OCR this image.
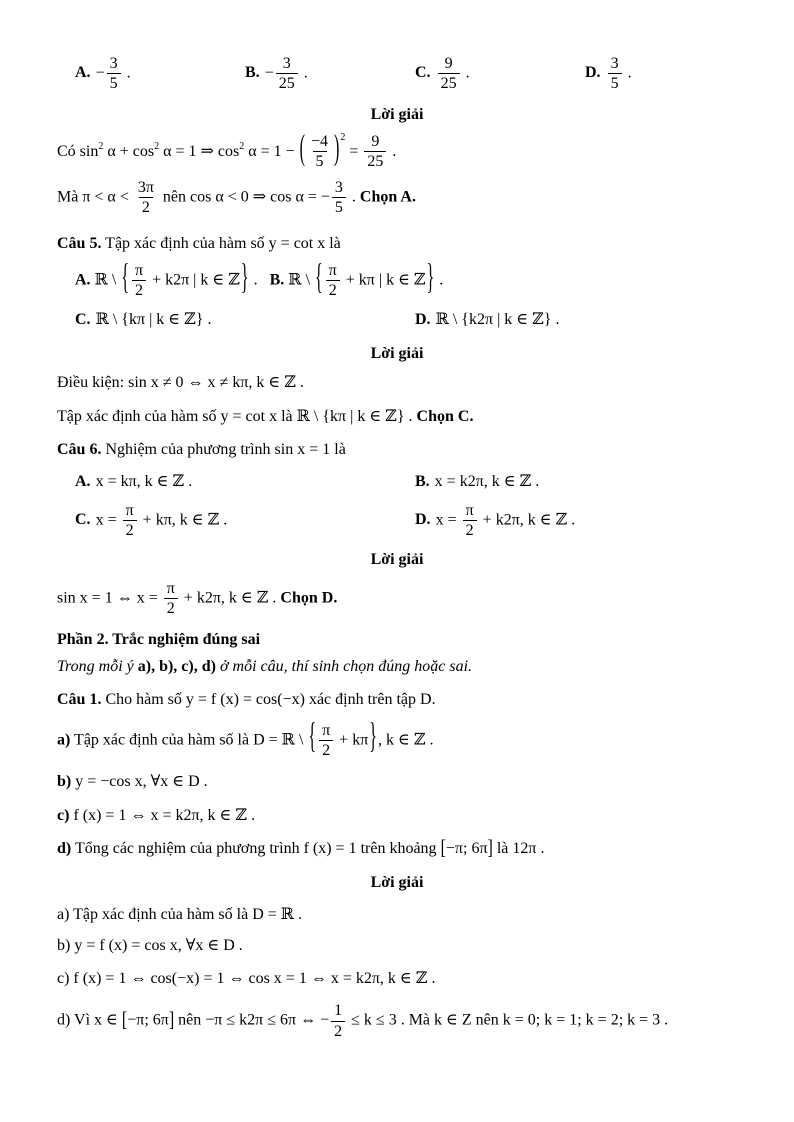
A. − $\frac{3}{5}$ .	B. − $\frac{3}{25}$ .	C. $\frac{9}{25}$ .	D. $\frac{3}{5}$ .
Lời giải
Có $\sin^2 \alpha + \cos^2 \alpha = 1$ ⇒ $\cos^2 \alpha = 1$ − ( $\frac{-4}{5} )^2 = \frac{9}{25}$ .
Mà $\pi < \alpha < \frac{3\pi}{2}$ nên cos α < 0 ⇒ cos α = − $\frac{3}{5}$ . Chọn A.
Câu 5. Tập xác định của hàm số y = cot x là
A. ℝ \ { $\frac{\pi}{2} + k2\pi$ | k ∈ ℤ} . B. ℝ \ { $\frac{\pi}{2} + k\pi$ | k ∈ ℤ} .
C. ℝ \ {kπ | k ∈ ℤ} .	D. ℝ \ {k2π | k ∈ ℤ} .
Lời giải
Điều kiện: sin x ≠ 0 ⇔ x ≠ kπ, k ∈ ℤ .
Tập xác định của hàm số y = cot x là ℝ \ {kπ | k ∈ ℤ} . Chọn C.
Câu 6. Nghiệm của phương trình sin x = 1 là
A. x = kπ, k ∈ ℤ .	B. x = k2π, k ∈ ℤ .
C. $x = \frac{\pi}{2} + k\pi$, k ∈ ℤ .	D. $x = \frac{\pi}{2} + k2\pi$, k ∈ ℤ .
Lời giải
sin x = 1 ⇔ $x = \frac{\pi}{2} + k2\pi$, k ∈ ℤ . Chọn D.
Phần 2. Trắc nghiệm đúng sai
Trong mỗi ý a), b), c), d) ở mỗi câu, thí sinh chọn đúng hoặc sai.
Câu 1. Cho hàm số y = f (x) = cos(−x) xác định trên tập D.
a) Tập xác định của hàm số là D = ℝ \ { $\frac{\pi}{2} + k\pi$}, k ∈ ℤ .
b) y = −cos x, ∀x ∈ D .
c) f (x) = 1 ⇔ x = k2π, k ∈ ℤ .
d) Tổng các nghiệm của phương trình f (x) = 1 trên khoảng [−π; 6π] là 12π .
Lời giải
a) Tập xác định của hàm số là D = ℝ .
b) y = f (x) = cos x, ∀x ∈ D .
c) f (x) = 1 ⇔ cos(−x) = 1 ⇔ cos x = 1 ⇔ x = k2π, k ∈ ℤ .
d) Vì x ∈ [−π; 6π] nên −π ≤ k2π ≤ 6π ⇔ − $\frac{1}{2} \le k \le 3$ . Mà k ∈ Z nên k = 0; k = 1; k = 2; k = 3 .
